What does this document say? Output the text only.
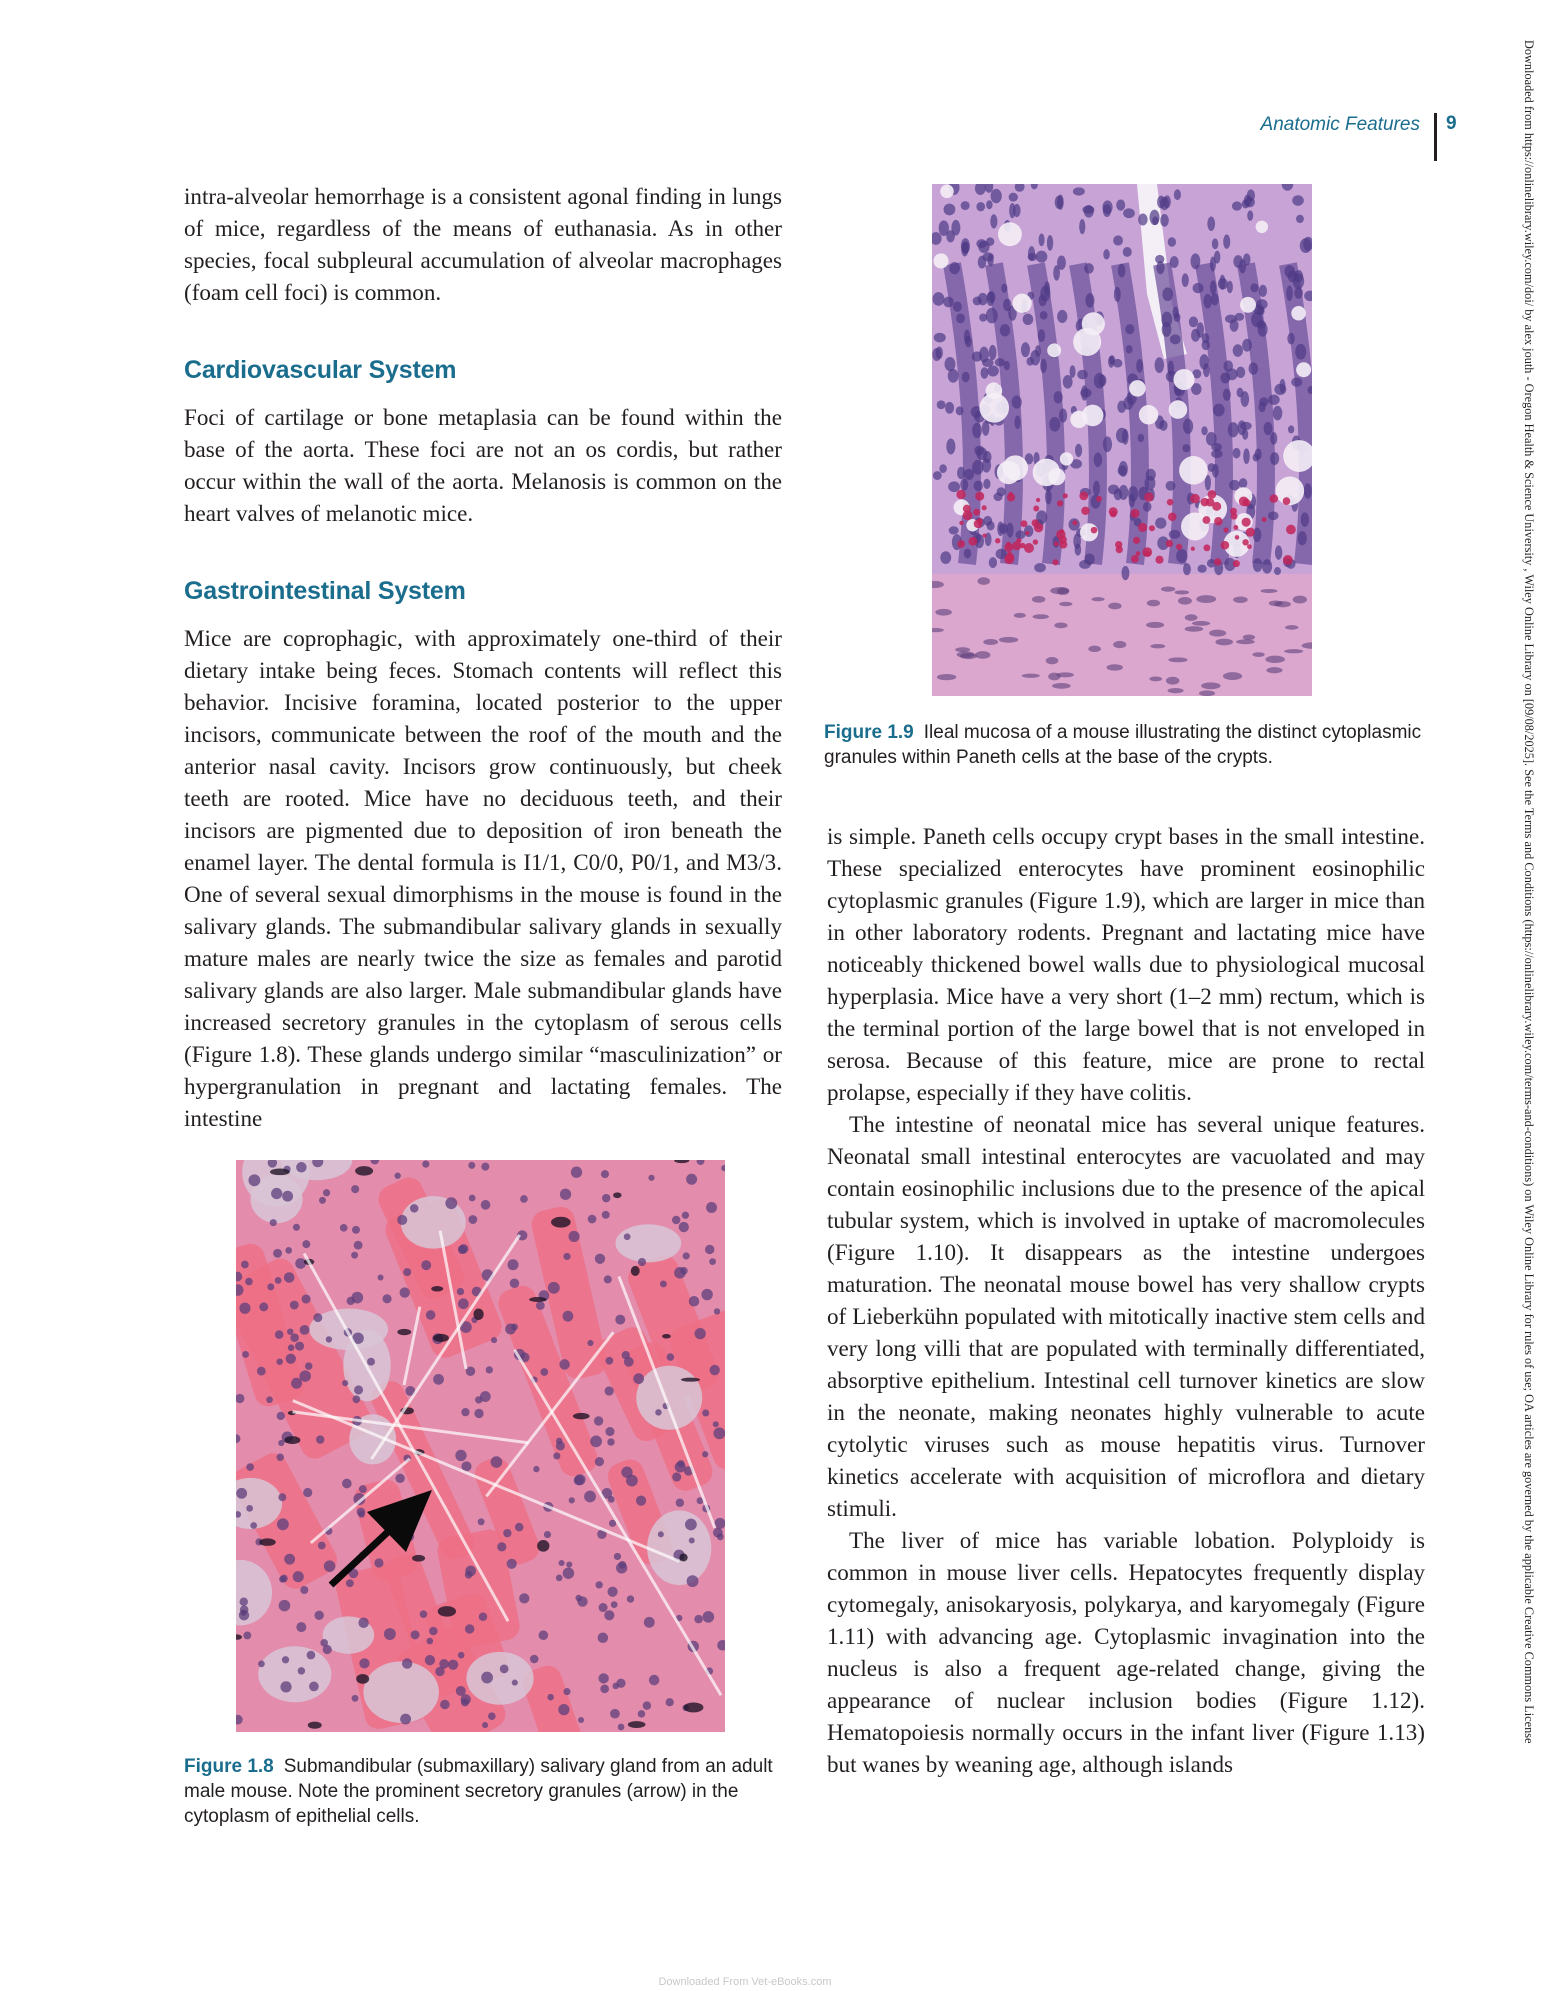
Anatomic Features 9	Downloaded from https://onlinelibrary.wiley.com/doi/ by alex jouth - Oregon Health & Science University , Wiley Online Library on [09/08/2025]. See the Terms and Conditions (https://onlinelibrary.wiley.com/terms-and-conditions) on Wiley Online Library for rules of use; OA articles are governed by the applicable Creative Commons License

intra-alveolar hemorrhage is a consistent agonal finding in lungs of mice, regardless of the means of euthanasia. As in other species, focal subpleural accumulation of alveolar macrophages (foam cell foci) is common.

Cardiovascular System

Foci of cartilage or bone metaplasia can be found within the base of the aorta. These foci are not an os cordis, but rather occur within the wall of the aorta. Melanosis is common on the heart valves of melanotic mice.

Gastrointestinal System

Mice are coprophagic, with approximately one-third of their dietary intake being feces. Stomach contents will reflect this behavior. Incisive foramina, located posterior to the upper incisors, communicate between the roof of the mouth and the anterior nasal cavity. Incisors grow continuously, but cheek teeth are rooted. Mice have no deciduous teeth, and their incisors are pigmented due to deposition of iron beneath the enamel layer. The dental formula is I1/1, C0/0, P0/1, and M3/3. One of several sexual dimorphisms in the mouse is found in the salivary glands. The submandibular salivary glands in sexually mature males are nearly twice the size as females and parotid salivary glands are also larger. Male submandibular glands have increased secretory granules in the cytoplasm of serous cells (Figure 1.8). These glands undergo similar “masculinization” or hypergranulation in pregnant and lactating females. The intestine

Figure 1.8 Submandibular (submaxillary) salivary gland from an adult male mouse. Note the prominent secretory granules (arrow) in the cytoplasm of epithelial cells.
Figure 1.9 Ileal mucosa of a mouse illustrating the distinct cytoplasmic granules within Paneth cells at the base of the crypts.

is simple. Paneth cells occupy crypt bases in the small intestine. These specialized enterocytes have prominent eosinophilic cytoplasmic granules (Figure 1.9), which are larger in mice than in other laboratory rodents. Pregnant and lactating mice have noticeably thickened bowel walls due to physiological mucosal hyperplasia. Mice have a very short (1–2 mm) rectum, which is the terminal portion of the large bowel that is not enveloped in serosa. Because of this feature, mice are prone to rectal prolapse, especially if they have colitis.

The intestine of neonatal mice has several unique features. Neonatal small intestinal enterocytes are vacuolated and may contain eosinophilic inclusions due to the presence of the apical tubular system, which is involved in uptake of macromolecules (Figure 1.10). It disappears as the intestine undergoes maturation. The neonatal mouse bowel has very shallow crypts of Lieberkühn populated with mitotically inactive stem cells and very long villi that are populated with terminally differentiated, absorptive epithelium. Intestinal cell turnover kinetics are slow in the neonate, making neonates highly vulnerable to acute cytolytic viruses such as mouse hepatitis virus. Turnover kinetics accelerate with acquisition of microflora and dietary stimuli.

The liver of mice has variable lobation. Polyploidy is common in mouse liver cells. Hepatocytes frequently display cytomegaly, anisokaryosis, polykarya, and karyomegaly (Figure 1.11) with advancing age. Cytoplasmic invagination into the nucleus is also a frequent age-related change, giving the appearance of nuclear inclusion bodies (Figure 1.12). Hematopoiesis normally occurs in the infant liver (Figure 1.13) but wanes by weaning age, although islands

Downloaded From Vet-eBooks.com
